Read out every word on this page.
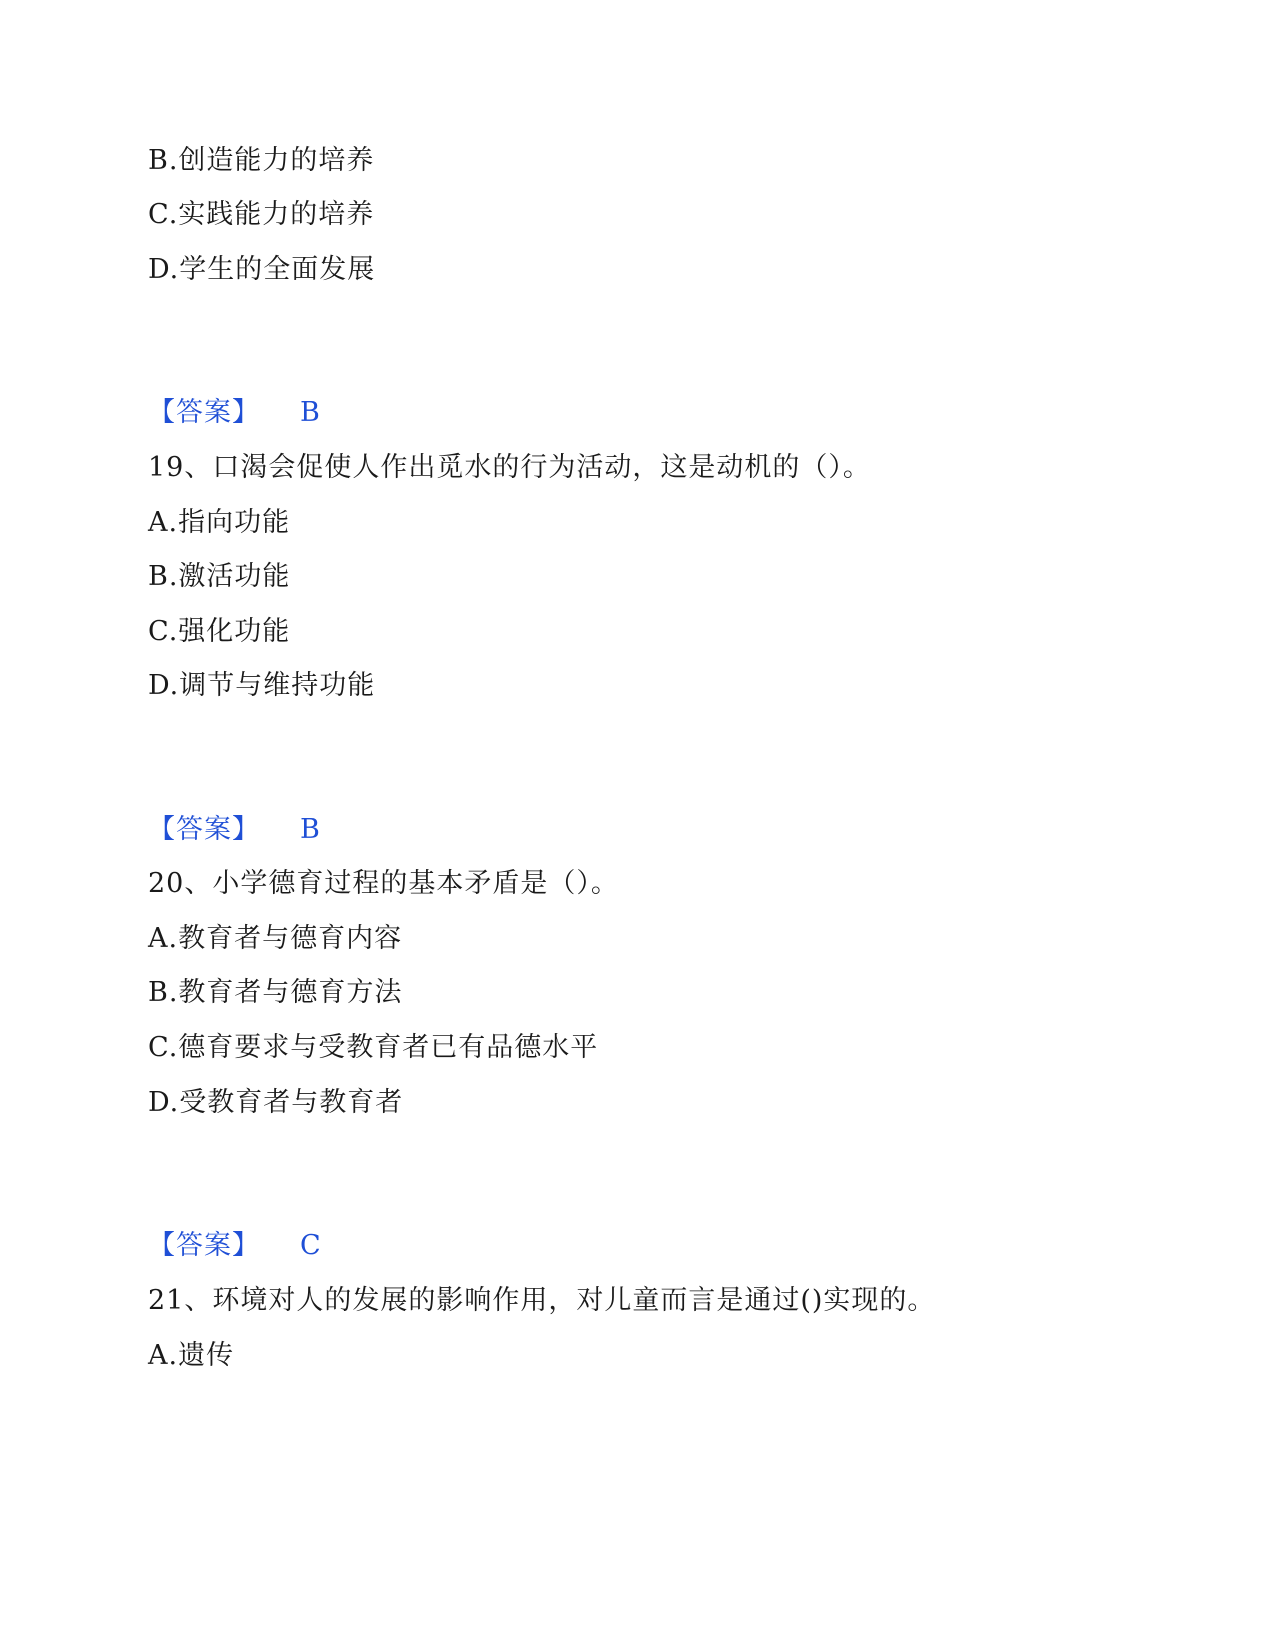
B.创造能力的培养
C.实践能力的培养
D.学生的全面发展
【答案】 B
19、口渴会促使人作出觅水的行为活动，这是动机的（）。
A.指向功能
B.激活功能
C.强化功能
D.调节与维持功能
【答案】 B
20、小学德育过程的基本矛盾是（）。
A.教育者与德育内容
B.教育者与德育方法
C.德育要求与受教育者已有品德水平
D.受教育者与教育者
【答案】 C
21、环境对人的发展的影响作用，对儿童而言是通过()实现的。
A.遗传
